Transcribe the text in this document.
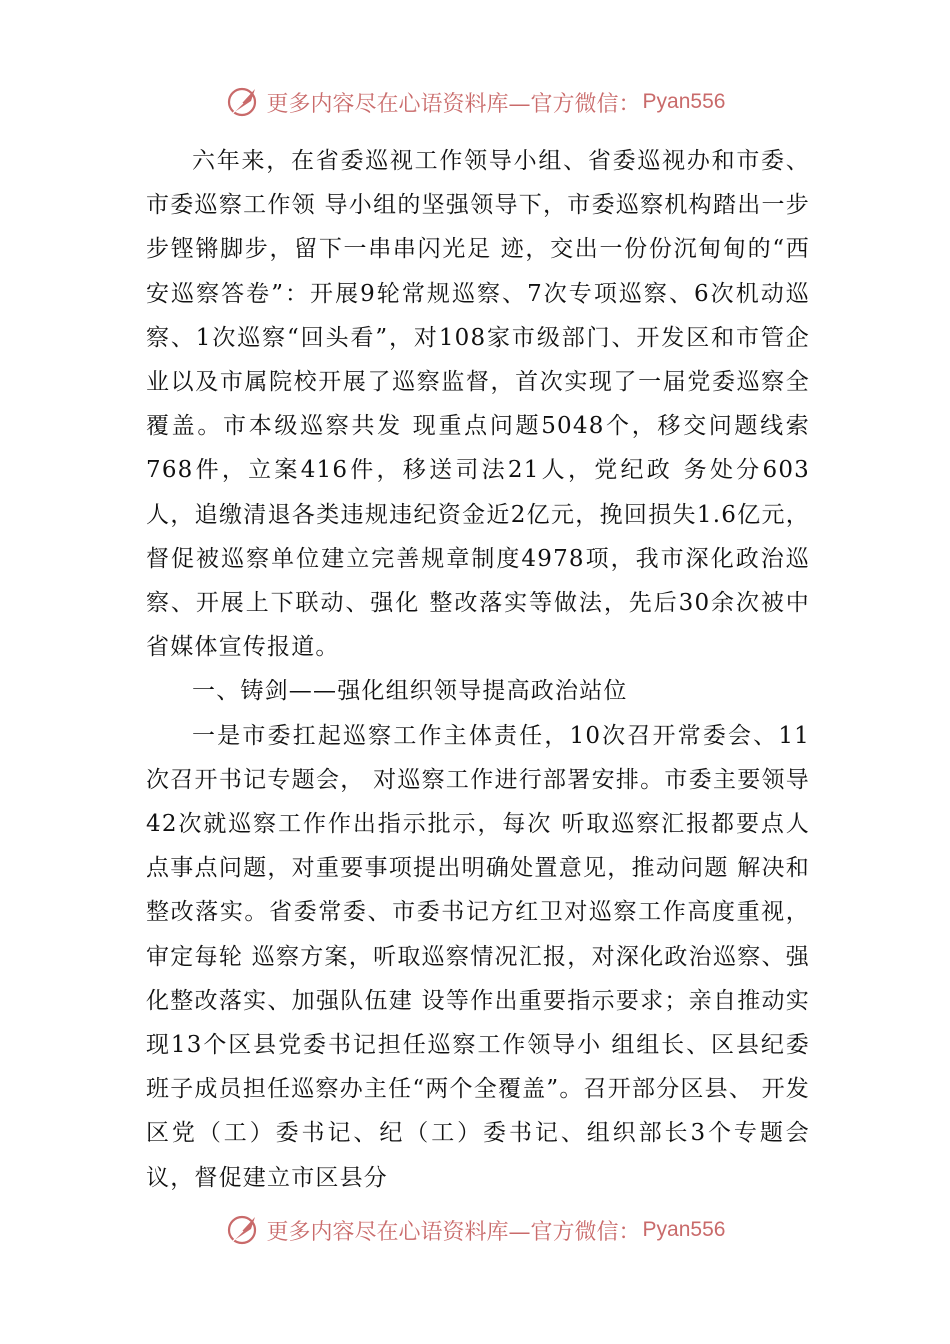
更多内容尽在心语资料库—官方微信： Pyan556

六年来，在省委巡视工作领导小组、省委巡视办和市委、市委巡察工作领 导小组的坚强领导下，市委巡察机构踏出一步步铿锵脚步，留下一串串闪光足 迹，交出一份份沉甸甸的“西安巡察答卷”：开展9轮常规巡察、7次专项巡察、6次机动巡察、1次巡察“回头看”，对108家市级部门、开发区和市管企业以及市属院校开展了巡察监督，首次实现了一届党委巡察全覆盖。市本级巡察共发 现重点问题5048个，移交问题线索768件，立案416件，移送司法21人，党纪政 务处分603人，追缴清退各类违规违纪资金近2亿元，挽回损失1.6亿元，督促被巡察单位建立完善规章制度4978项，我市深化政治巡察、开展上下联动、强化 整改落实等做法，先后30余次被中省媒体宣传报道。

一、铸剑——强化组织领导提高政治站位

一是市委扛起巡察工作主体责任，10次召开常委会、11次召开书记专题会， 对巡察工作进行部署安排。市委主要领导42次就巡察工作作出指示批示，每次 听取巡察汇报都要点人点事点问题，对重要事项提出明确处置意见，推动问题 解决和整改落实。省委常委、市委书记方红卫对巡察工作高度重视，审定每轮 巡察方案，听取巡察情况汇报，对深化政治巡察、强化整改落实、加强队伍建 设等作出重要指示要求；亲自推动实现13个区县党委书记担任巡察工作领导小 组组长、区县纪委班子成员担任巡察办主任“两个全覆盖”。召开部分区县、 开发区党（工）委书记、纪（工）委书记、组织部长3个专题会议，督促建立市区县分

更多内容尽在心语资料库—官方微信： Pyan556
